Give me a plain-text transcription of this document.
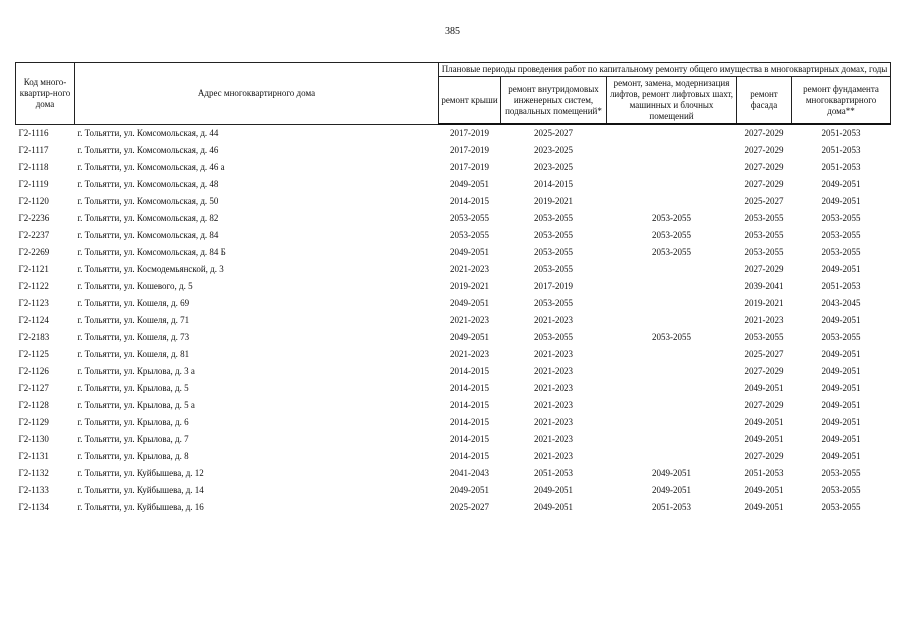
385
Код много-квартир-ного дома	Адрес многоквартирного дома	Плановые периоды проведения работ по капитальному ремонту общего имущества в многоквартирных домах, годы				
		ремонт крыши	ремонт внутридомовых инженерных систем, подвальных помещений*	ремонт, замена, модернизация лифтов, ремонт лифтовых шахт, машинных и блочных помещений	ремонт фасада	ремонт фундамента многоквартирного дома**
Г2-1116	г. Тольятти, ул. Комсомольская, д. 44	2017-2019	2025-2027		2027-2029	2051-2053
Г2-1117	г. Тольятти, ул. Комсомольская, д. 46	2017-2019	2023-2025		2027-2029	2051-2053
Г2-1118	г. Тольятти, ул. Комсомольская, д. 46 а	2017-2019	2023-2025		2027-2029	2051-2053
Г2-1119	г. Тольятти, ул. Комсомольская, д. 48	2049-2051	2014-2015		2027-2029	2049-2051
Г2-1120	г. Тольятти, ул. Комсомольская, д. 50	2014-2015	2019-2021		2025-2027	2049-2051
Г2-2236	г. Тольятти, ул. Комсомольская, д. 82	2053-2055	2053-2055	2053-2055	2053-2055	2053-2055
Г2-2237	г. Тольятти, ул. Комсомольская, д. 84	2053-2055	2053-2055	2053-2055	2053-2055	2053-2055
Г2-2269	г. Тольятти, ул. Комсомольская, д. 84 Б	2049-2051	2053-2055	2053-2055	2053-2055	2053-2055
Г2-1121	г. Тольятти, ул. Космодемьянской, д. 3	2021-2023	2053-2055		2027-2029	2049-2051
Г2-1122	г. Тольятти, ул. Кошевого, д. 5	2019-2021	2017-2019		2039-2041	2051-2053
Г2-1123	г. Тольятти, ул. Кошеля, д. 69	2049-2051	2053-2055		2019-2021	2043-2045
Г2-1124	г. Тольятти, ул. Кошеля, д. 71	2021-2023	2021-2023		2021-2023	2049-2051
Г2-2183	г. Тольятти, ул. Кошеля, д. 73	2049-2051	2053-2055	2053-2055	2053-2055	2053-2055
Г2-1125	г. Тольятти, ул. Кошеля, д. 81	2021-2023	2021-2023		2025-2027	2049-2051
Г2-1126	г. Тольятти, ул. Крылова, д. 3 а	2014-2015	2021-2023		2027-2029	2049-2051
Г2-1127	г. Тольятти, ул. Крылова, д. 5	2014-2015	2021-2023		2049-2051	2049-2051
Г2-1128	г. Тольятти, ул. Крылова, д. 5 а	2014-2015	2021-2023		2027-2029	2049-2051
Г2-1129	г. Тольятти, ул. Крылова, д. 6	2014-2015	2021-2023		2049-2051	2049-2051
Г2-1130	г. Тольятти, ул. Крылова, д. 7	2014-2015	2021-2023		2049-2051	2049-2051
Г2-1131	г. Тольятти, ул. Крылова, д. 8	2014-2015	2021-2023		2027-2029	2049-2051
Г2-1132	г. Тольятти, ул. Куйбышева, д. 12	2041-2043	2051-2053	2049-2051	2051-2053	2053-2055
Г2-1133	г. Тольятти, ул. Куйбышева, д. 14	2049-2051	2049-2051	2049-2051	2049-2051	2053-2055
Г2-1134	г. Тольятти, ул. Куйбышева, д. 16	2025-2027	2049-2051	2051-2053	2049-2051	2053-2055
